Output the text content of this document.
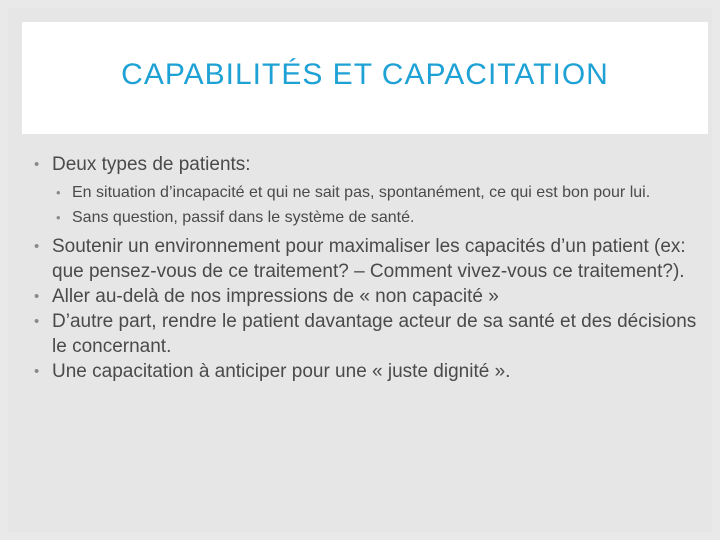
CAPABILITÉS ET CAPACITATION
• Deux types de patients:
• En situation d’incapacité et qui ne sait pas, spontanément, ce qui est bon pour lui.
• Sans question, passif dans le système de santé.
• Soutenir un environnement pour maximaliser les capacités d’un patient (ex: que pensez-vous de ce traitement? – Comment vivez-vous ce traitement?).
• Aller au-delà de nos impressions de « non capacité »
• D’autre part, rendre le patient davantage acteur de sa santé et des décisions le concernant.
• Une capacitation à anticiper pour une « juste dignité ».
